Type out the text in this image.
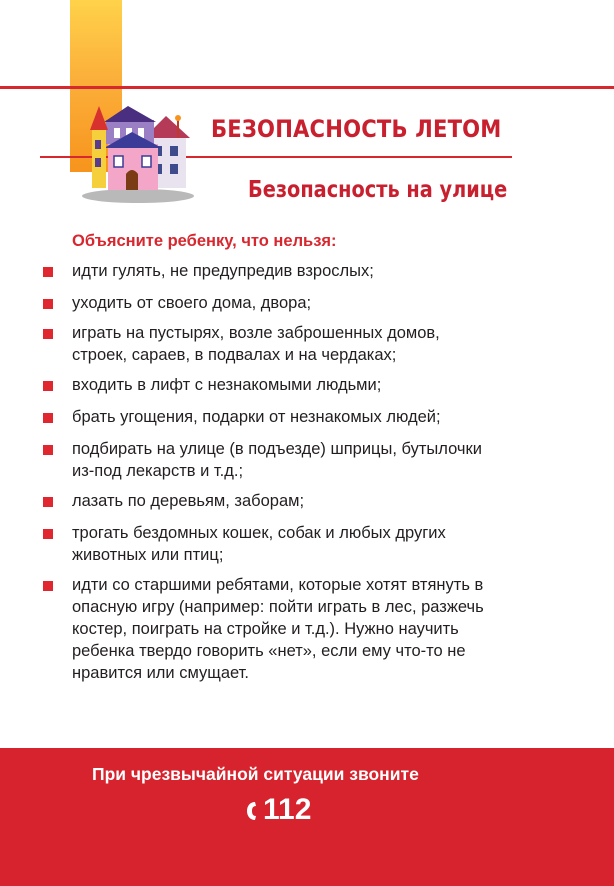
БЕЗОПАСНОСТЬ ЛЕТОМ
Безопасность на улице
Объясните ребенку, что нельзя:
идти гулять, не предупредив взрослых;
уходить от своего дома, двора;
играть на пустырях, возле заброшенных домов,
строек, сараев, в подвалах и на чердаках;
входить в лифт с незнакомыми людьми;
брать угощения, подарки от незнакомых людей;
подбирать на улице (в подъезде) шприцы, бутылочки
из-под лекарств и т.д.;
лазать по деревьям, заборам;
трогать бездомных кошек, собак и любых других
животных или птиц;
идти со старшими ребятами, которые хотят втянуть в
опасную игру (например: пойти играть в лес, разжечь
костер, поиграть на стройке и т.д.). Нужно научить
ребенка твердо говорить «нет», если ему что-то не
нравится или смущает.
При чрезвычайной ситуации звоните
112
